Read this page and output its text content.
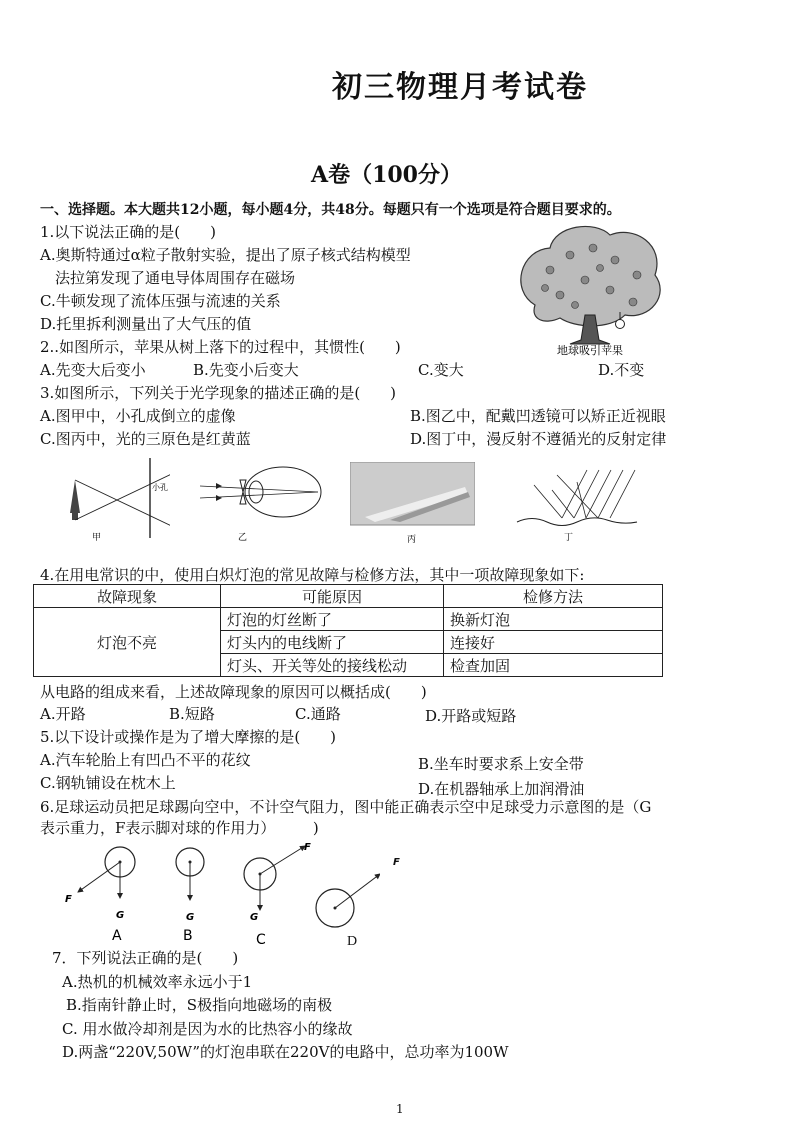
初三物理月考试卷
A卷（100分）
一、选择题。本大题共12小题，每小题4分，共48分。每题只有一个选项是符合题目要求的。
1.以下说法正确的是(　　)
A.奥斯特通过α粒子散射实验，提出了原子核式结构模型
　法拉第发现了通电导体周围存在磁场
C.牛顿发现了流体压强与流速的关系
D.托里拆利测量出了大气压的值
地球吸引苹果
2..如图所示，苹果从树上落下的过程中，其惯性(　　)
A.先变大后变小	B.先变小后变大	C.变大	D.不变
3.如图所示，下列关于光学现象的描述正确的是(　　)
A.图甲中，小孔成倒立的虚像	B.图乙中，配戴凹透镜可以矫正近视眼
C.图丙中，光的三原色是红黄蓝	D.图丁中，漫反射不遵循光的反射定律
小孔
甲	乙	丙	丁
4.在用电常识的中，使用白炽灯泡的常见故障与检修方法，其中一项故障现象如下:
故障现象	可能原因	检修方法
灯泡不亮	灯泡的灯丝断了	换新灯泡
	灯头内的电线断了	连接好
	灯头、开关等处的接线松动	检查加固
从电路的组成来看，上述故障现象的原因可以概括成(　　)
A.开路	B.短路	C.通路	D.开路或短路
5.以下设计或操作是为了增大摩擦的是(　　)
A.汽车轮胎上有凹凸不平的花纹	B.坐车时要求系上安全带
C.钢轨铺设在枕木上	D.在机器轴承上加润滑油
6.足球运动员把足球踢向空中，不计空气阻力，图中能正确表示空中足球受力示意图的是（G
表示重力，F表示脚对球的作用力）　　　)
F
G
A
G
B
F
G
C
F
D
7．下列说法正确的是(　　)
A.热机的机械效率永远小于1
B.指南针静止时，S极指向地磁场的南极
C. 用水做冷却剂是因为水的比热容小的缘故
D.两盏“220V,50W”的灯泡串联在220V的电路中，总功率为100W
1
